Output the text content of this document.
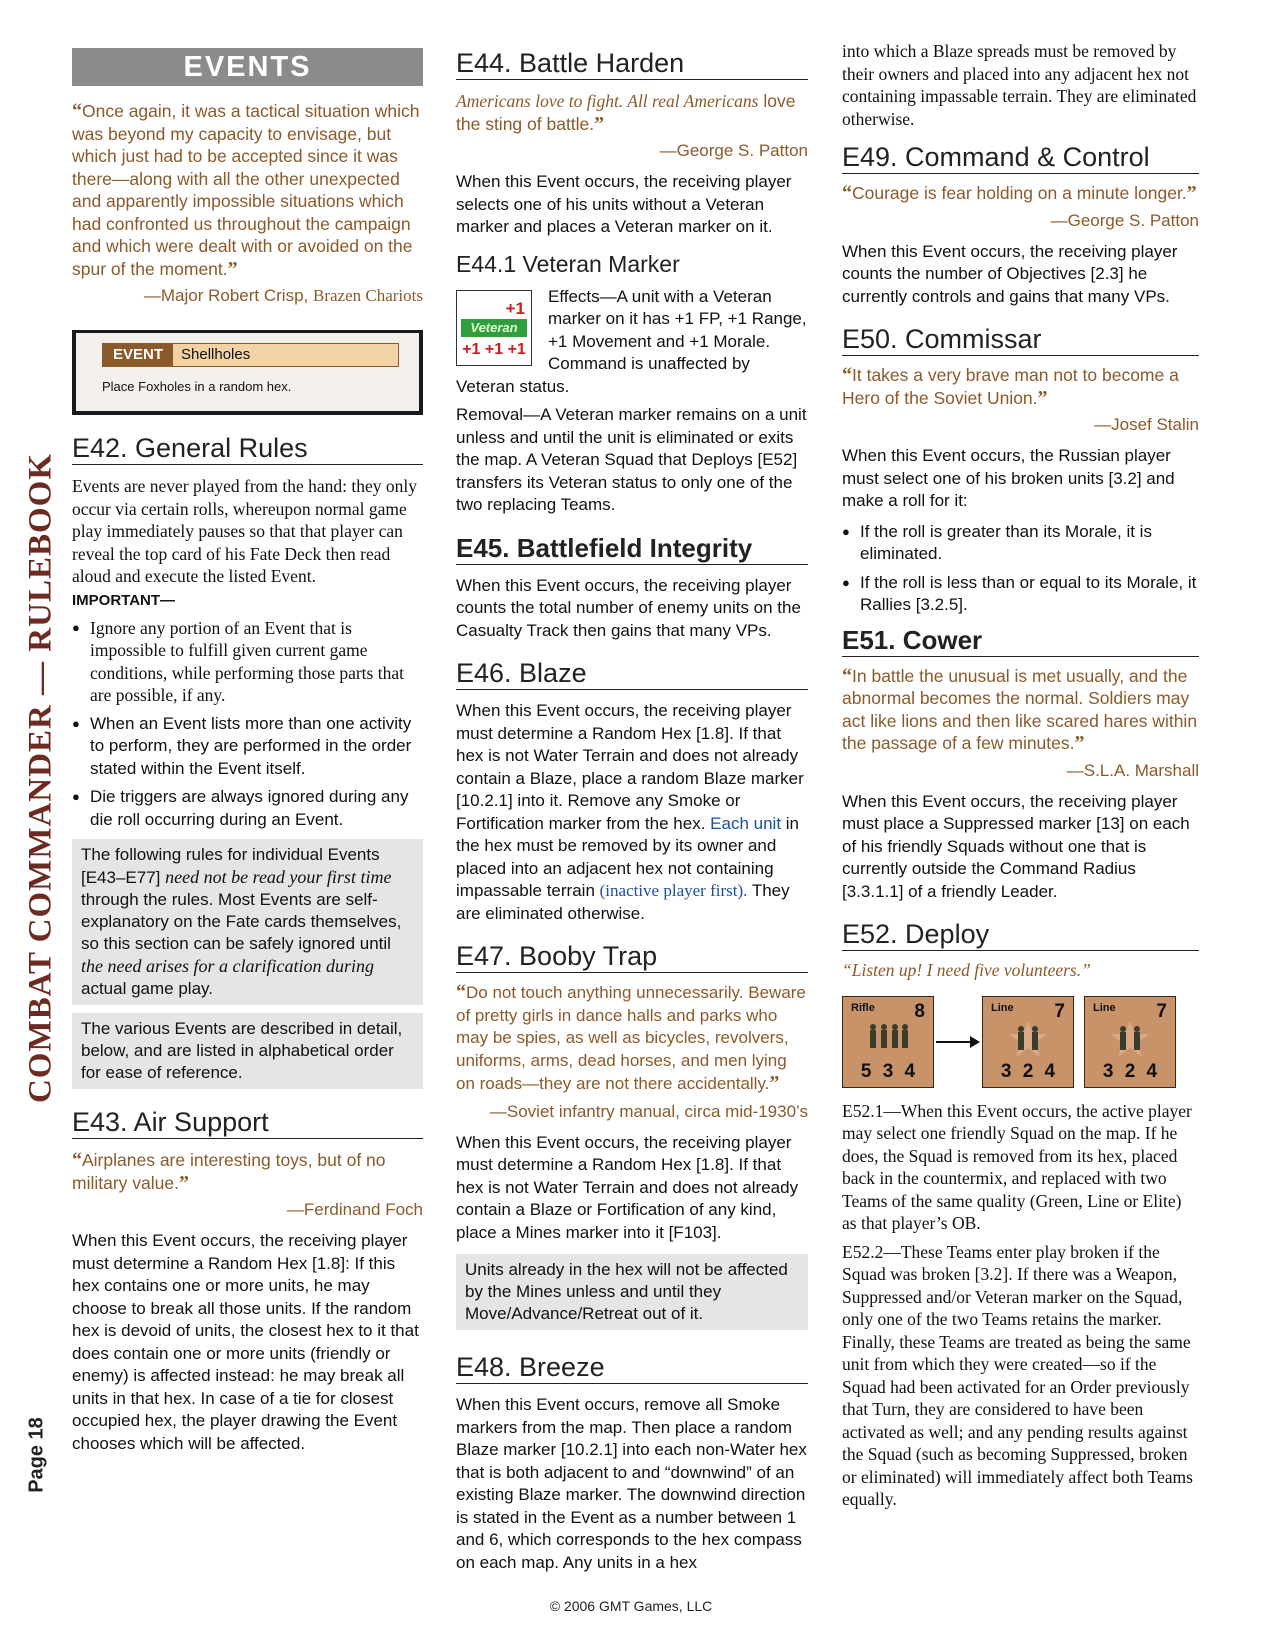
COMBAT COMMANDER — RULEBOOK
Page 18
EVENTS

“Once again, it was a tactical situation which was beyond my capacity to envisage, but which just had to be accepted since it was there—along with all the other unexpected and apparently impossible situations which had confronted us throughout the campaign and which were dealt with or avoided on the spur of the moment.”

—Major Robert Crisp, Brazen Chariots

EVENT	Shellholes
Place Foxholes in a random hex.
E42. General Rules

Events are never played from the hand: they only occur via certain rolls, whereupon normal game play immediately pauses so that that player can reveal the top card of his Fate Deck then read aloud and execute the listed Event.

IMPORTANT—

● Ignore any portion of an Event that is impossible to fulfill given current game conditions, while performing those parts that are possible, if any.
● When an Event lists more than one activity to perform, they are performed in the order stated within the Event itself.
● Die triggers are always ignored during any die roll occurring during an Event.
The following rules for individual Events [E43–E77] need not be read your first time through the rules. Most Events are self-explanatory on the Fate cards themselves, so this section can be safely ignored until the need arises for a clarification during actual game play.
The various Events are described in detail, below, and are listed in alphabetical order for ease of reference.
E43. Air Support

“Airplanes are interesting toys, but of no military value.”

—Ferdinand Foch

When this Event occurs, the receiving player must determine a Random Hex [1.8]: If this hex contains one or more units, he may choose to break all those units. If the random hex is devoid of units, the closest hex to it that does contain one or more units (friendly or enemy) is affected instead: he may break all units in that hex. In case of a tie for closest occupied hex, the player drawing the Event chooses which will be affected.

E44. Battle Harden

Americans love to fight. All real Americans love the sting of battle.”

—George S. Patton

When this Event occurs, the receiving player selects one of his units without a Veteran marker and places a Veteran marker on it.

E44.1 Veteran Marker
+1
Veteran
+1 +1 +1

Effects—A unit with a Veteran marker on it has +1 FP, +1 Range, +1 Movement and +1 Morale. Command is unaffected by Veteran status.

Removal—A Veteran marker remains on a unit unless and until the unit is eliminated or exits the map. A Veteran Squad that Deploys [E52] transfers its Veteran status to only one of the two replacing Teams.

E45. Battlefield Integrity

When this Event occurs, the receiving player counts the total number of enemy units on the Casualty Track then gains that many VPs.

E46. Blaze

When this Event occurs, the receiving player must determine a Random Hex [1.8]. If that hex is not Water Terrain and does not already contain a Blaze, place a random Blaze marker [10.2.1] into it. Remove any Smoke or Fortification marker from the hex. Each unit in the hex must be removed by its owner and placed into an adjacent hex not containing impassable terrain (inactive player first). They are eliminated otherwise.

E47. Booby Trap

“Do not touch anything unnecessarily. Beware of pretty girls in dance halls and parks who may be spies, as well as bicycles, revolvers, uniforms, arms, dead horses, and men lying on roads—they are not there accidentally.”

—Soviet infantry manual, circa mid-1930’s

When this Event occurs, the receiving player must determine a Random Hex [1.8]. If that hex is not Water Terrain and does not already contain a Blaze or Fortification of any kind, place a Mines marker into it [F103].

Units already in the hex will not be affected by the Mines unless and until they Move/Advance/Retreat out of it.
E48. Breeze

When this Event occurs, remove all Smoke markers from the map. Then place a random Blaze marker [10.2.1] into each non-Water hex that is both adjacent to and “downwind” of an existing Blaze marker. The downwind direction is stated in the Event as a number between 1 and 6, which corresponds to the hex compass on each map. Any units in a hex

into which a Blaze spreads must be removed by their owners and placed into any adjacent hex not containing impassable terrain. They are eliminated otherwise.

E49. Command & Control

“Courage is fear holding on a minute longer.”

—George S. Patton

When this Event occurs, the receiving player counts the number of Objectives [2.3] he currently controls and gains that many VPs.

E50. Commissar

“It takes a very brave man not to become a Hero of the Soviet Union.”

—Josef Stalin

When this Event occurs, the Russian player must select one of his broken units [3.2] and make a roll for it:

● If the roll is greater than its Morale, it is eliminated.
● If the roll is less than or equal to its Morale, it Rallies [3.2.5].
E51. Cower

“In battle the unusual is met usually, and the abnormal becomes the normal. Soldiers may act like lions and then like scared hares within the passage of a few minutes.”

—S.L.A. Marshall

When this Event occurs, the receiving player must place a Suppressed marker [13] on each of his friendly Squads without one that is currently outside the Command Radius [3.3.1.1] of a friendly Leader.

E52. Deploy

“Listen up! I need five volunteers.”

Rifle 8
5 3 4
Line 7
3 2 4
Line 7
3 2 4

E52.1—When this Event occurs, the active player may select one friendly Squad on the map. If he does, the Squad is removed from its hex, placed back in the countermix, and replaced with two Teams of the same quality (Green, Line or Elite) as that player’s OB.

E52.2—These Teams enter play broken if the Squad was broken [3.2]. If there was a Weapon, Suppressed and/or Veteran marker on the Squad, only one of the two Teams retains the marker. Finally, these Teams are treated as being the same unit from which they were created—so if the Squad had been activated for an Order previously that Turn, they are considered to have been activated as well; and any pending results against the Squad (such as becoming Suppressed, broken or eliminated) will immediately affect both Teams equally.

© 2006 GMT Games, LLC
